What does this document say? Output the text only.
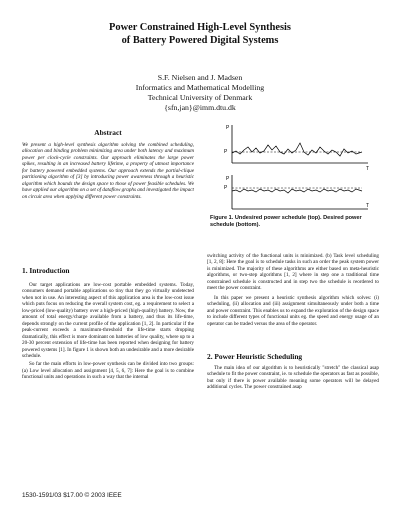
Power Constrained High-Level Synthesis
of Battery Powered Digital Systems
S.F. Nielsen and J. Madsen
Informatics and Mathematical Modelling
Technical University of Denmark
{sfn,jan}@imm.dtu.dk
Abstract
We present a high-level synthesis algorithm solving the combined scheduling, allocation and binding problem minimizing area under both latency and maximum power per clock-cycle constraints. Our approach eliminates the large power spikes, resulting in an increased battery lifetime, a property of utmost importance for battery powered embedded systems. Our approach extends the partial-clique partitioning algorithm of [3] by introducing power awareness through a heuristic algorithm which bounds the design space to those of power feasible schedules. We have applied our algorithm on a set of dataflow graphs and investigated the impact on circuit area when applying different power constraints.
P
P
T
P
P
T
Figure 1. Undesired power schedule (top). Desired power schedule (bottom).
1. Introduction

Our target applications are low-cost portable embedded systems. Today, consumers demand portable applications so tiny that they go virtually undetected when not in use. An interesting aspect of this application area is the low-cost issue which puts focus on reducing the overall system cost, eg. a requirement to select a low-priced (low-quality) battery over a high-priced (high-quality) battery. Now, the amount of total energy/charge available from a battery, and thus its life-time, depends strongly on the current profile of the application [1, 2]. In particular if the peak-current exceeds a maximum-threshold the life-time starts dropping dramatically, this effect is more dominant on batteries of low quality, where up to a 20-30 percent extension of life-time has been reported when designing for battery powered systems [1]. In figure 1 is shown both an undesirable and a more desirable schedule.

So far the main efforts in low-power synthesis can be divided into two groups: (a) Low level allocation and assignment [4, 5, 6, 7]: Here the goal is to combine functional units and operations in such a way that the internal

switching activity of the functional units is minimized. (b) Task level scheduling [1, 2, 8]: Here the goal is to schedule tasks in such an order the peak system power is minimized. The majority of these algorithms are either based on meta-heuristic algorithms, or two-step algorithms [1, 2] where in step one a traditional time constrained schedule is constructed and in step two the schedule is reordered to meet the power constraint.

In this paper we present a heuristic synthesis algorithm which solves: (i) scheduling, (ii) allocation and (iii) assignment simultaneously under both a time and power constraint. This enables us to expand the exploration of the design space to include different types of functional units eg. the speed and energy usage of an operator can be traded versus the area of the operator.

2. Power Heuristic Scheduling

The main idea of our algorithm is to heuristically "stretch" the classical asap schedule to fit the power constraint, ie. to schedule the operators as fast as possible, but only if there is power available meaning some operators will be delayed additional cycles. The power constrained asap

1530-1591/03 $17.00 © 2003 IEEE
